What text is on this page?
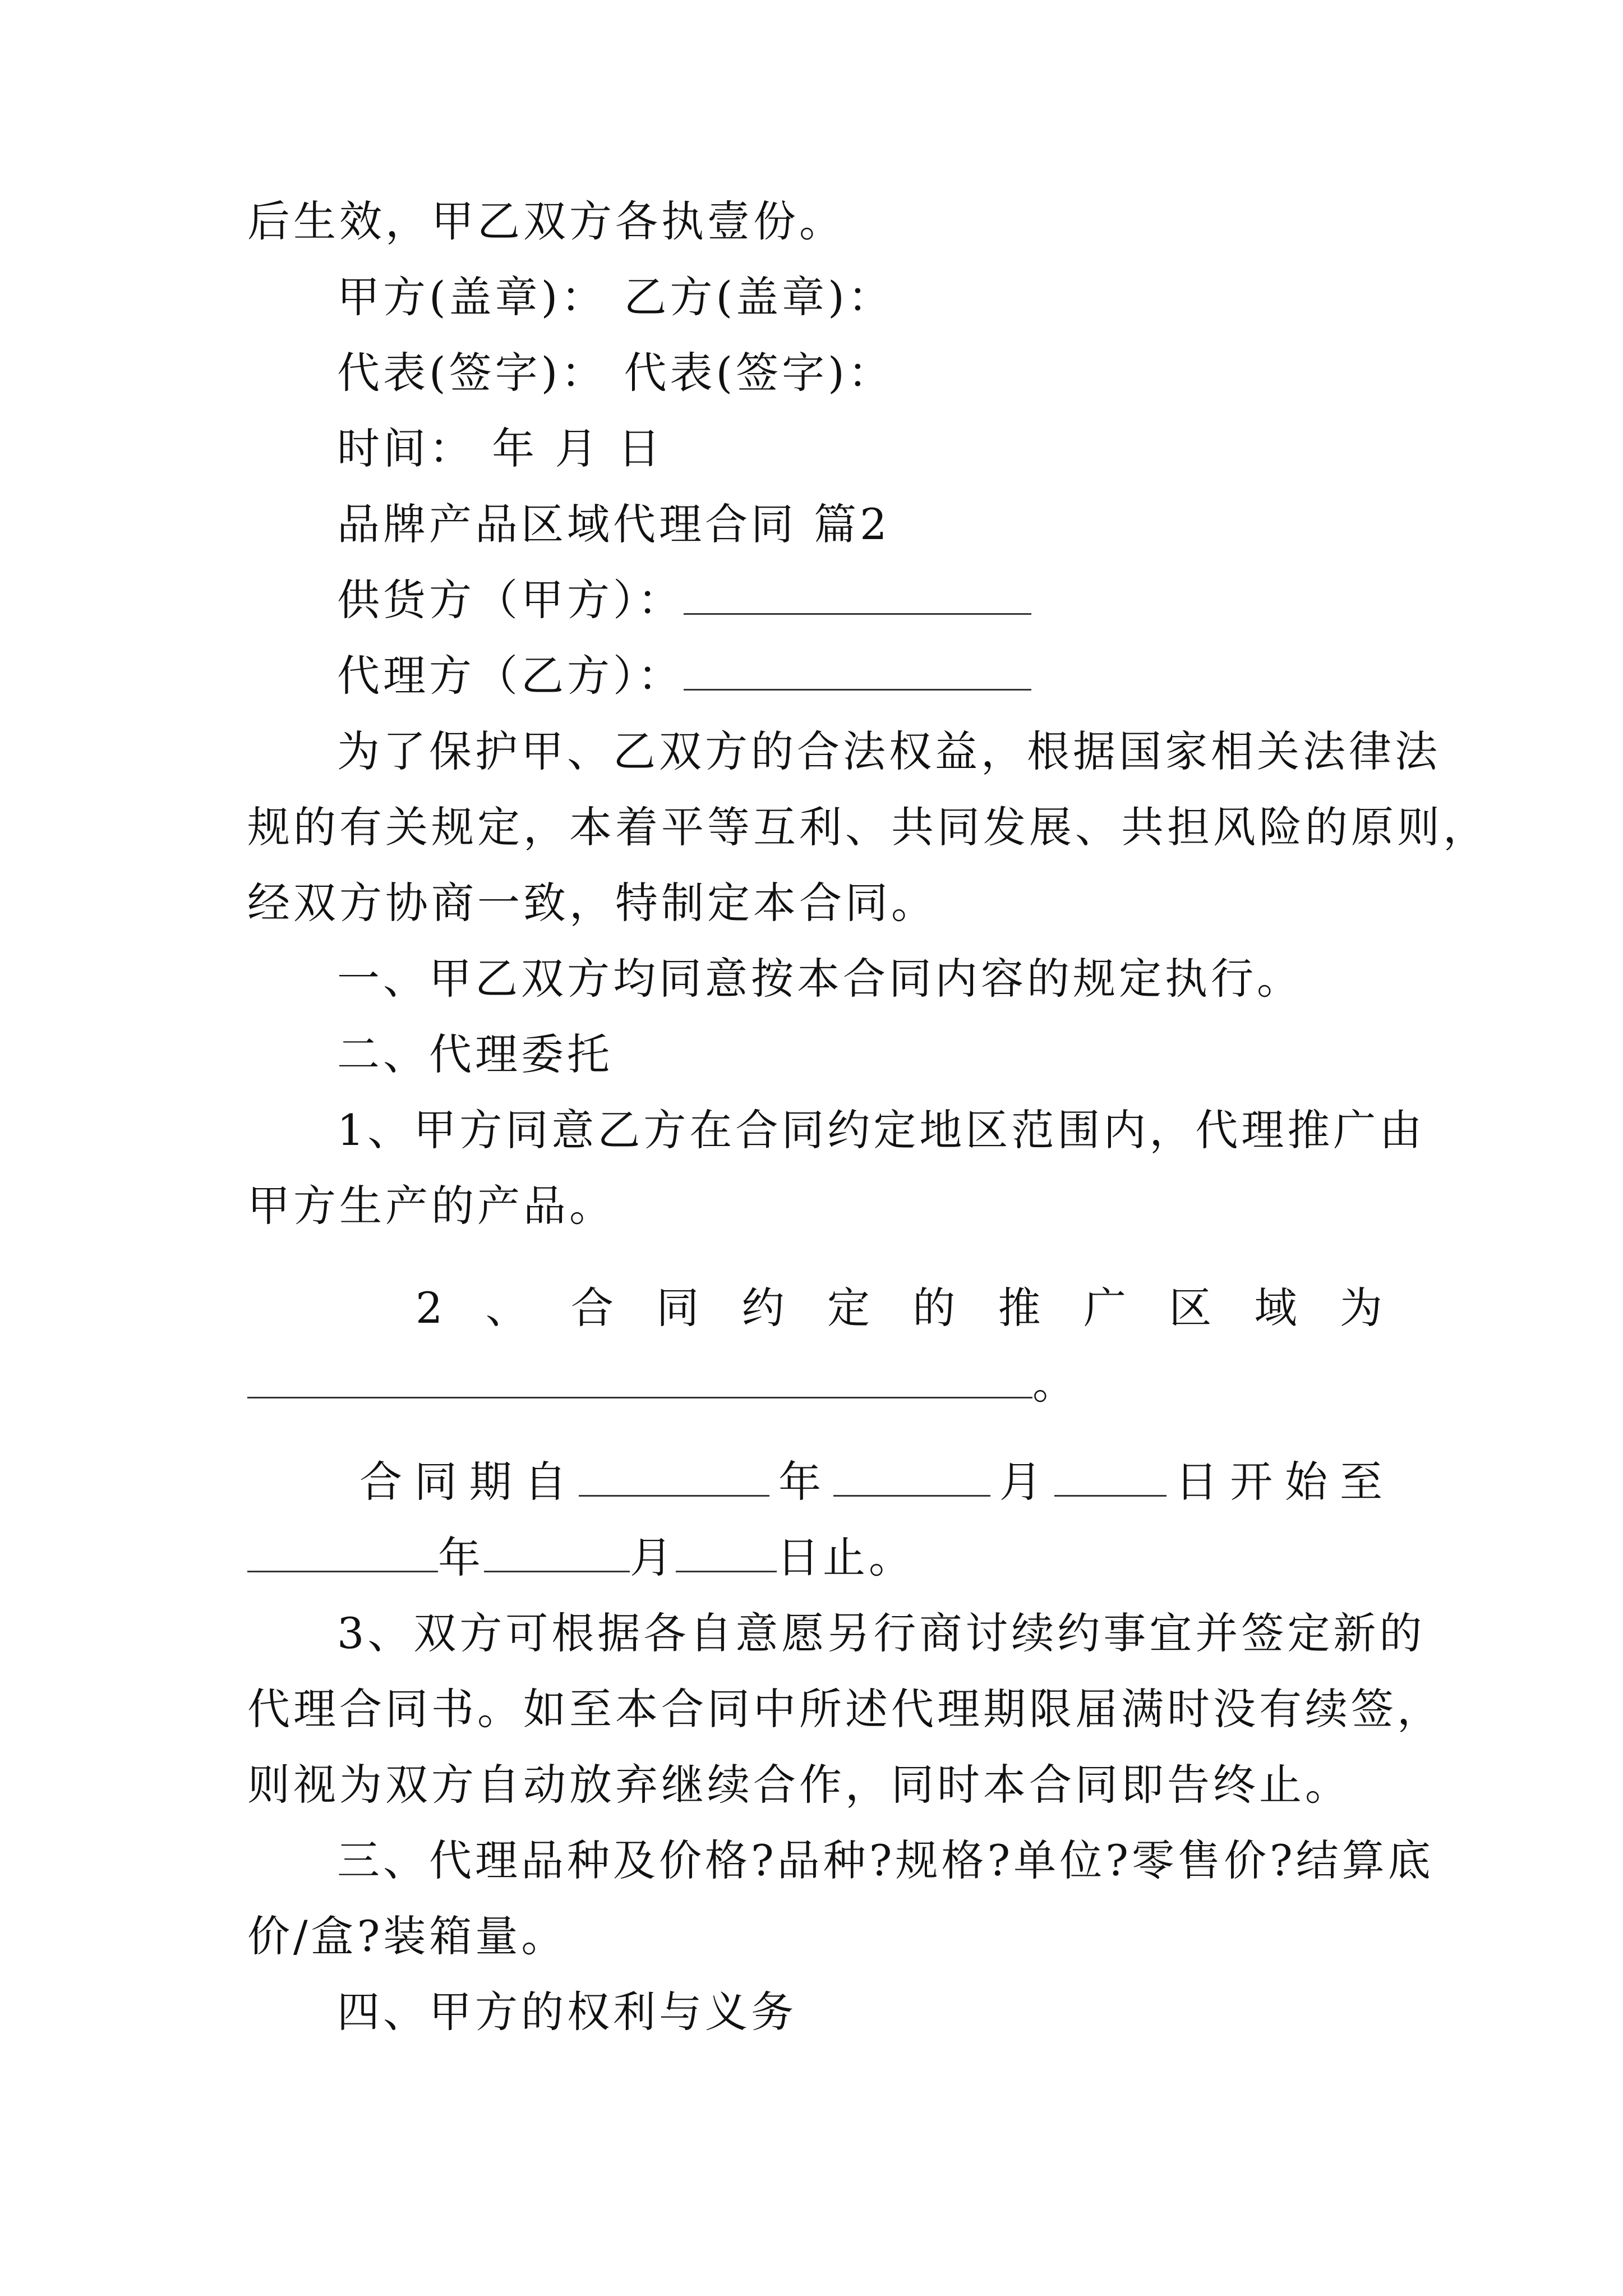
后生效，甲乙双方各执壹份。
甲方(盖章)： 乙方(盖章)：
代表(签字)： 代表(签字)：
时间： 年 月 日
品牌产品区域代理合同 篇2
供货方（甲方）：
代理方（乙方）：
为了保护甲、乙双方的合法权益，根据国家相关法律法
规的有关规定，本着平等互利、共同发展、共担风险的原则，
经双方协商一致，特制定本合同。
一、甲乙双方均同意按本合同内容的规定执行。
二、代理委托
1、甲方同意乙方在合同约定地区范围内，代理推广由
甲方生产的产品。
2 、 合 同 约 定 的 推 广 区 域 为
。
合 同 期 自	年	月	日 开 始 至
年	月 日止。
3、双方可根据各自意愿另行商讨续约事宜并签定新的
代理合同书。如至本合同中所述代理期限届满时没有续签，
则视为双方自动放弃继续合作，同时本合同即告终止。
三、代理品种及价格?品种?规格?单位?零售价?结算底
价/盒?装箱量。
四、甲方的权利与义务
